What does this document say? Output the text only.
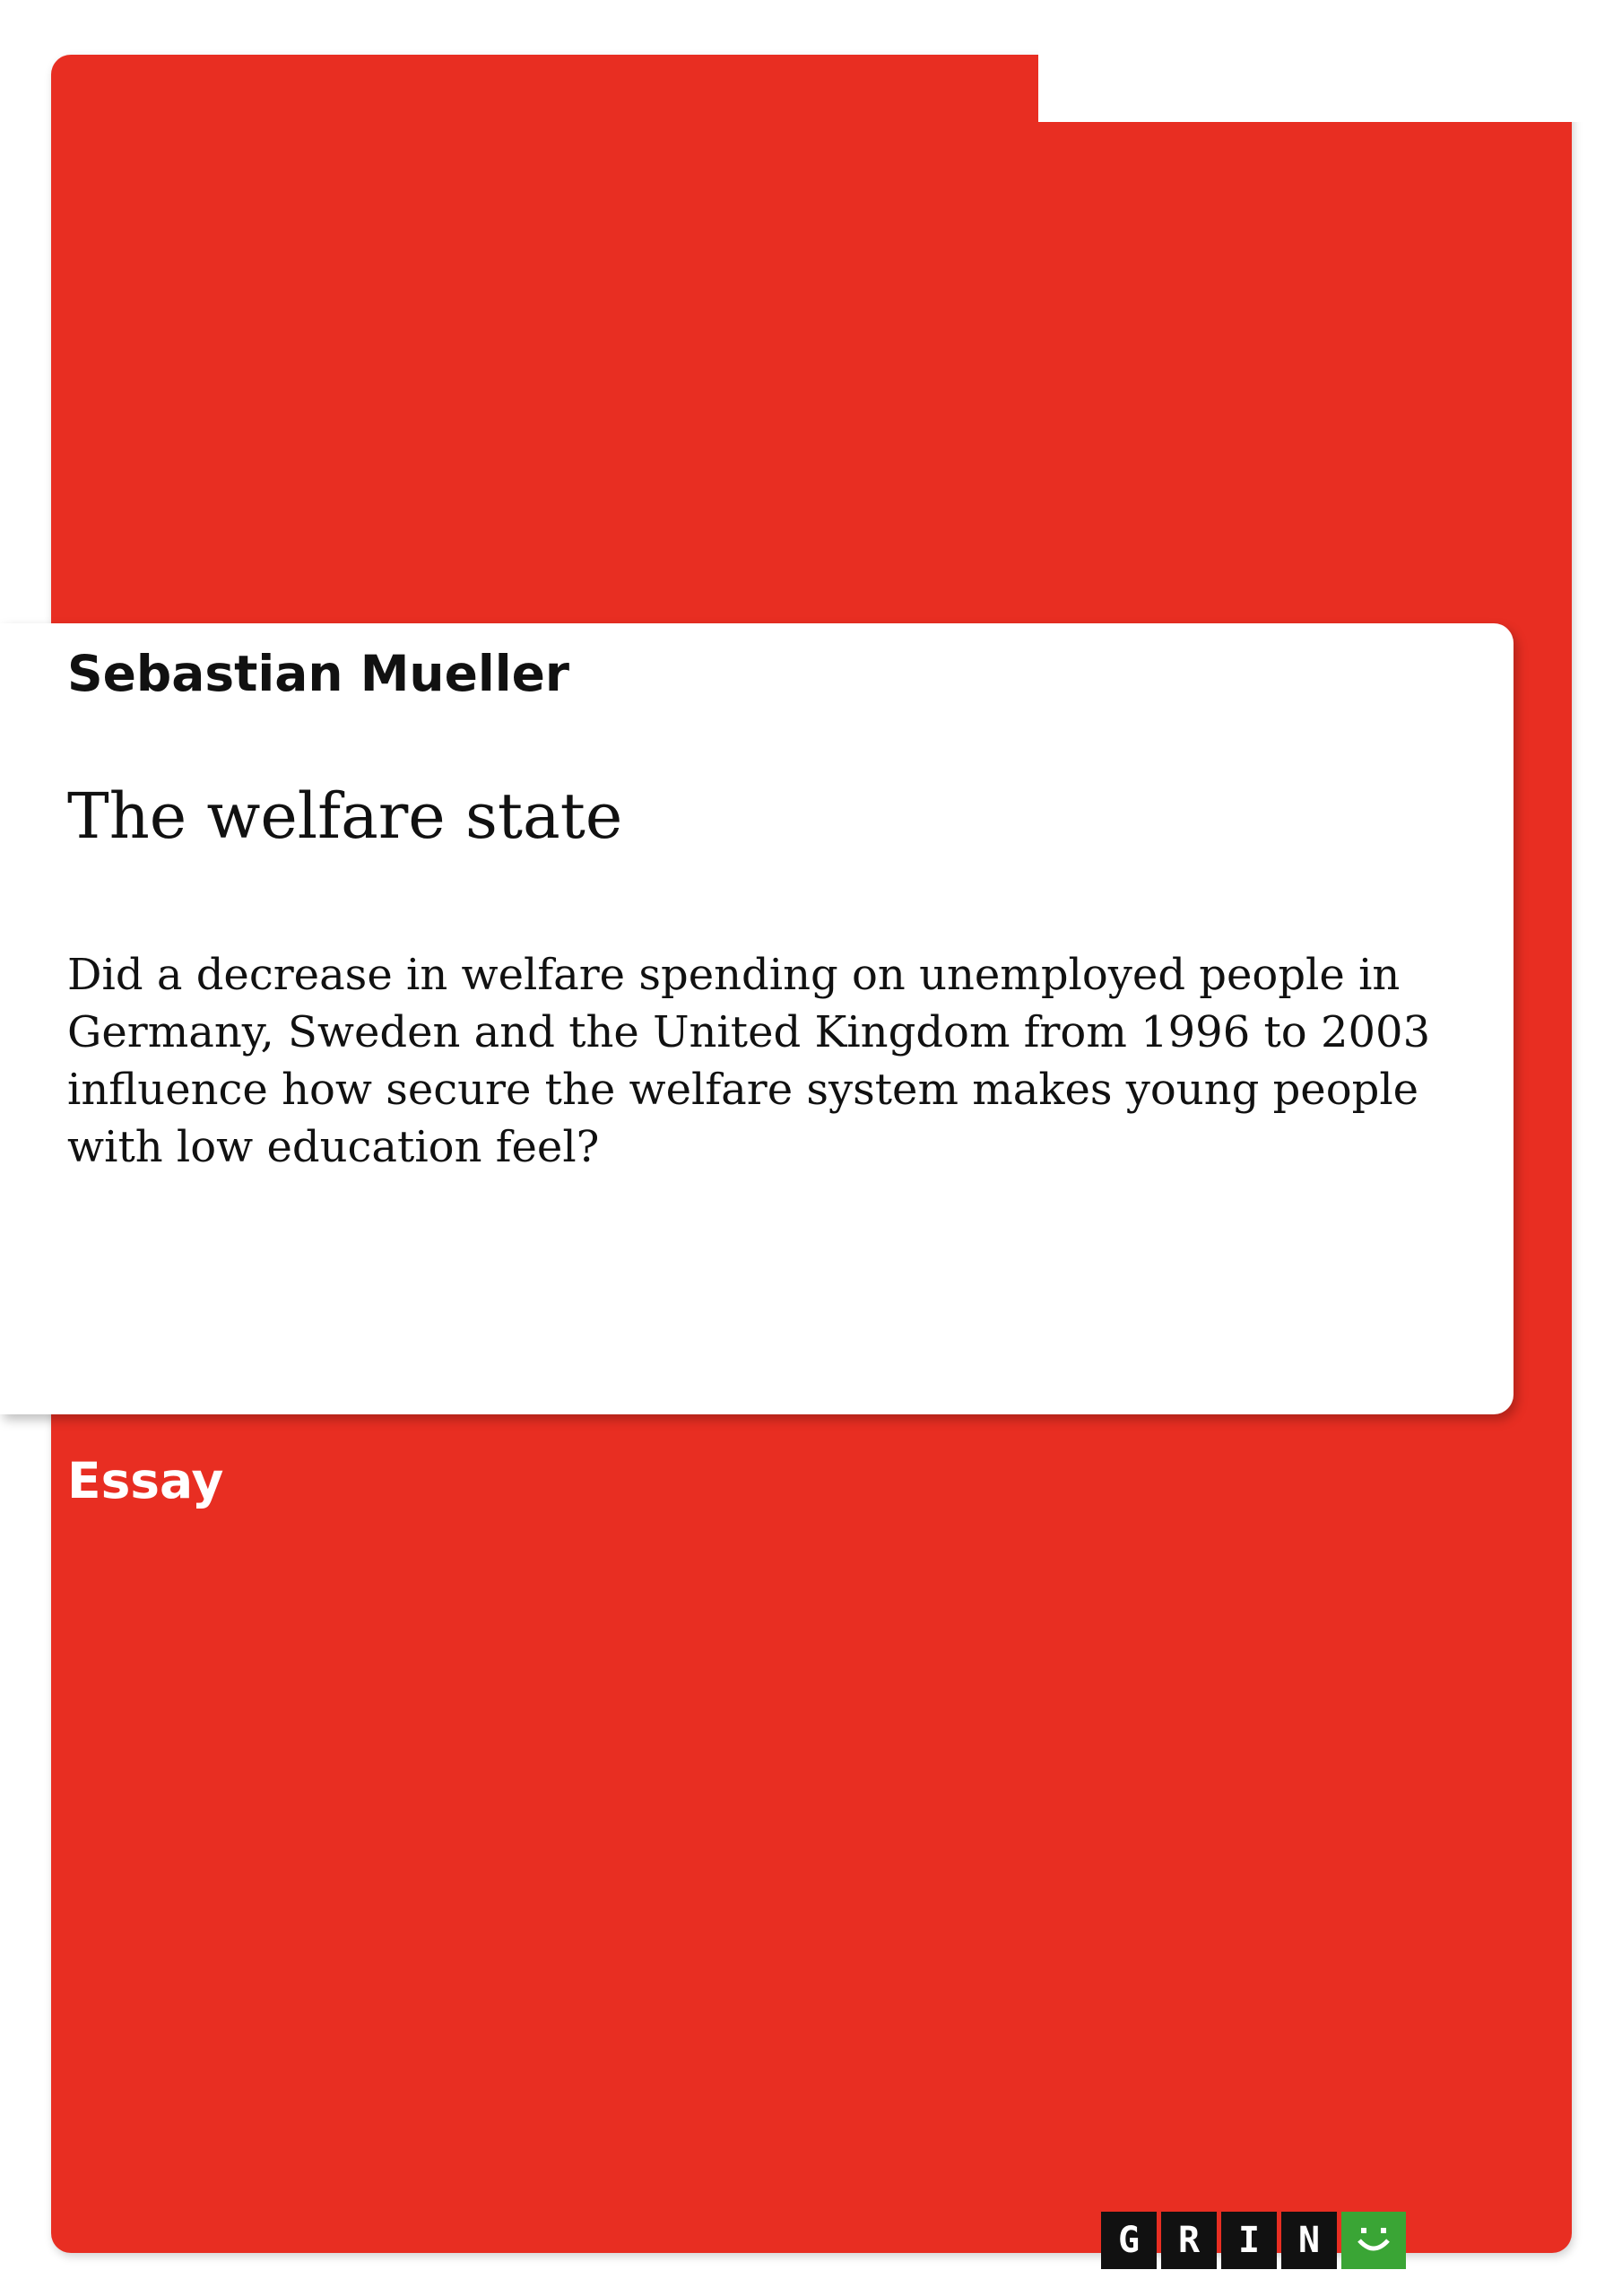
Sebastian Mueller
The welfare state
Did a decrease in welfare spending on unemployed people in Germany, Sweden and the United Kingdom from 1996 to 2003 influence how secure the welfare system makes young people with low education feel?
Essay
G	R	I	N
